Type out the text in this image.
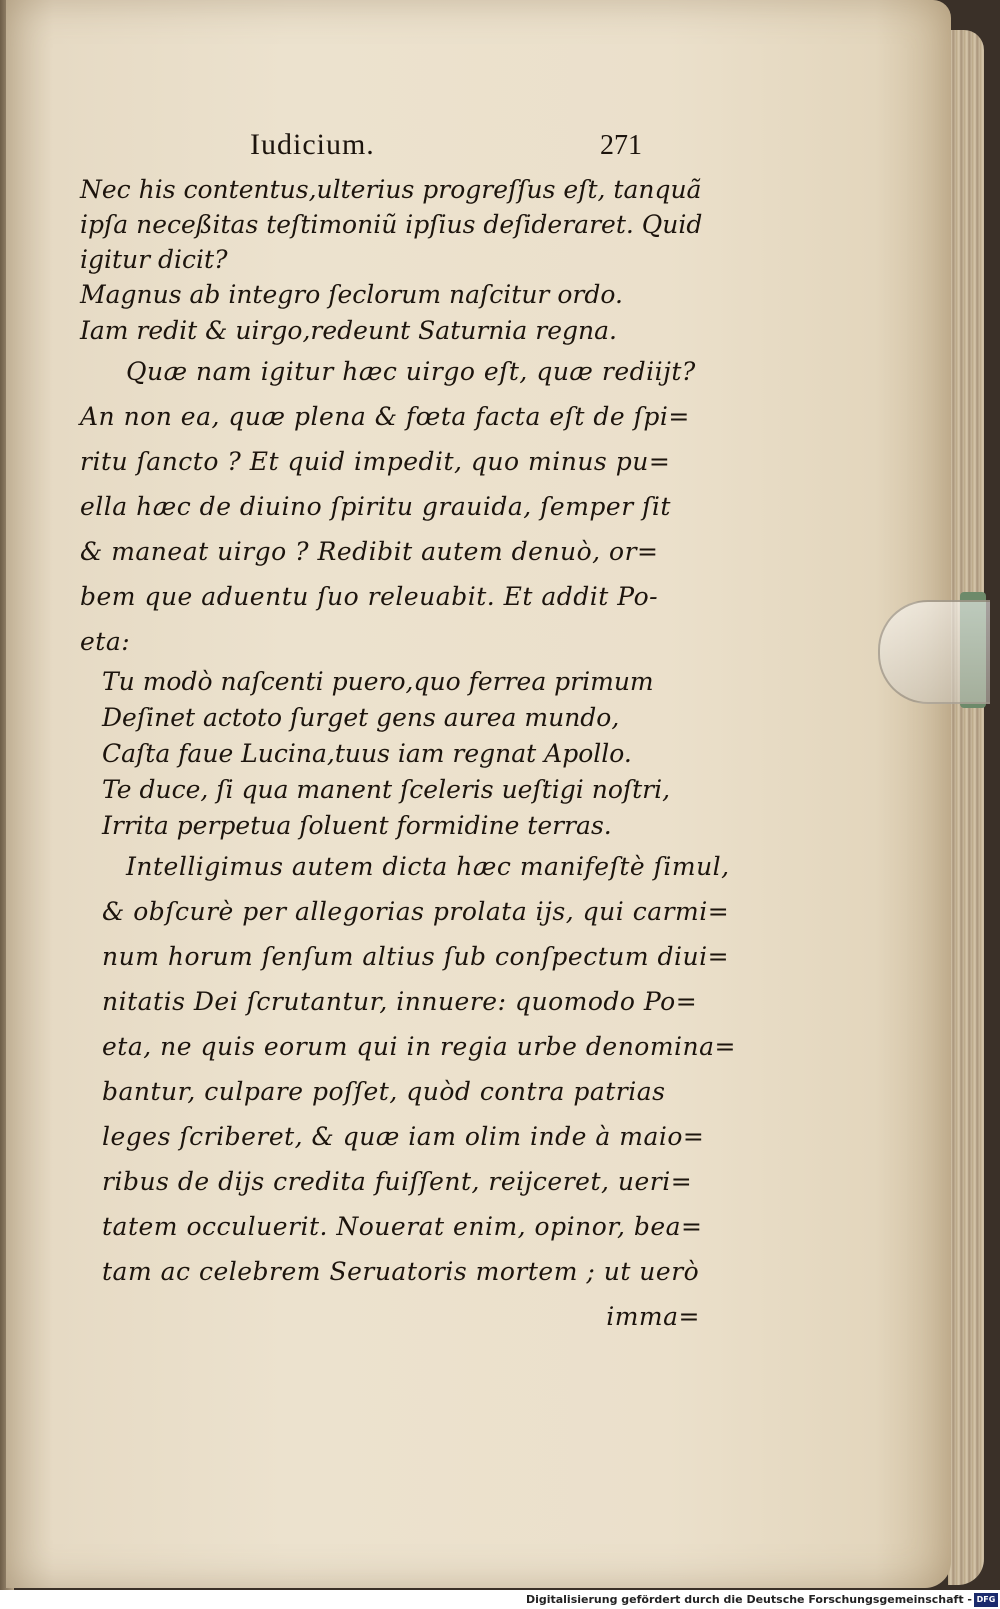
Iudicium.	271
Nec his contentus,ulterius progreſſus eſt, tanquã
ipſa neceßitas teſtimoniũ ipſius deſideraret. Quid
igitur dicit?
Magnus ab integro ſeclorum naſcitur ordo.
Iam redit & uirgo,redeunt Saturnia regna.
Quæ nam igitur hæc uirgo eſt, quæ rediijt?
An non ea, quæ plena & fœta facta eſt de ſpi=
ritu ſancto ? Et quid impedit, quo minus pu=
ella hæc de diuino ſpiritu grauida, ſemper ſit
& maneat uirgo ? Redibit autem denuò, or=
bem que aduentu ſuo releuabit. Et addit Po-
eta:
Tu modò naſcenti puero,quo ferrea primum
Deſinet actoto ſurget gens aurea mundo,
Caſta faue Lucina,tuus iam regnat Apollo.
Te duce, ſi qua manent ſceleris ueſtigi noſtri,
Irrita perpetua ſoluent formidine terras.
Intelligimus autem dicta hæc manifeſtè ſimul,
& obſcurè per allegorias prolata ijs, qui carmi=
num horum ſenſum altius ſub conſpectum diui=
nitatis Dei ſcrutantur, innuere: quomodo Po=
eta, ne quis eorum qui in regia urbe denomina=
bantur, culpare poſſet, quòd contra patrias
leges ſcriberet, & quæ iam olim inde à maio=
ribus de dijs credita fuiſſent, reijceret, ueri=
tatem occuluerit. Nouerat enim, opinor, bea=
tam ac celebrem Seruatoris mortem ; ut uerò
imma=
Digitalisierung gefördert durch die Deutsche Forschungsgemeinschaft - DFG
